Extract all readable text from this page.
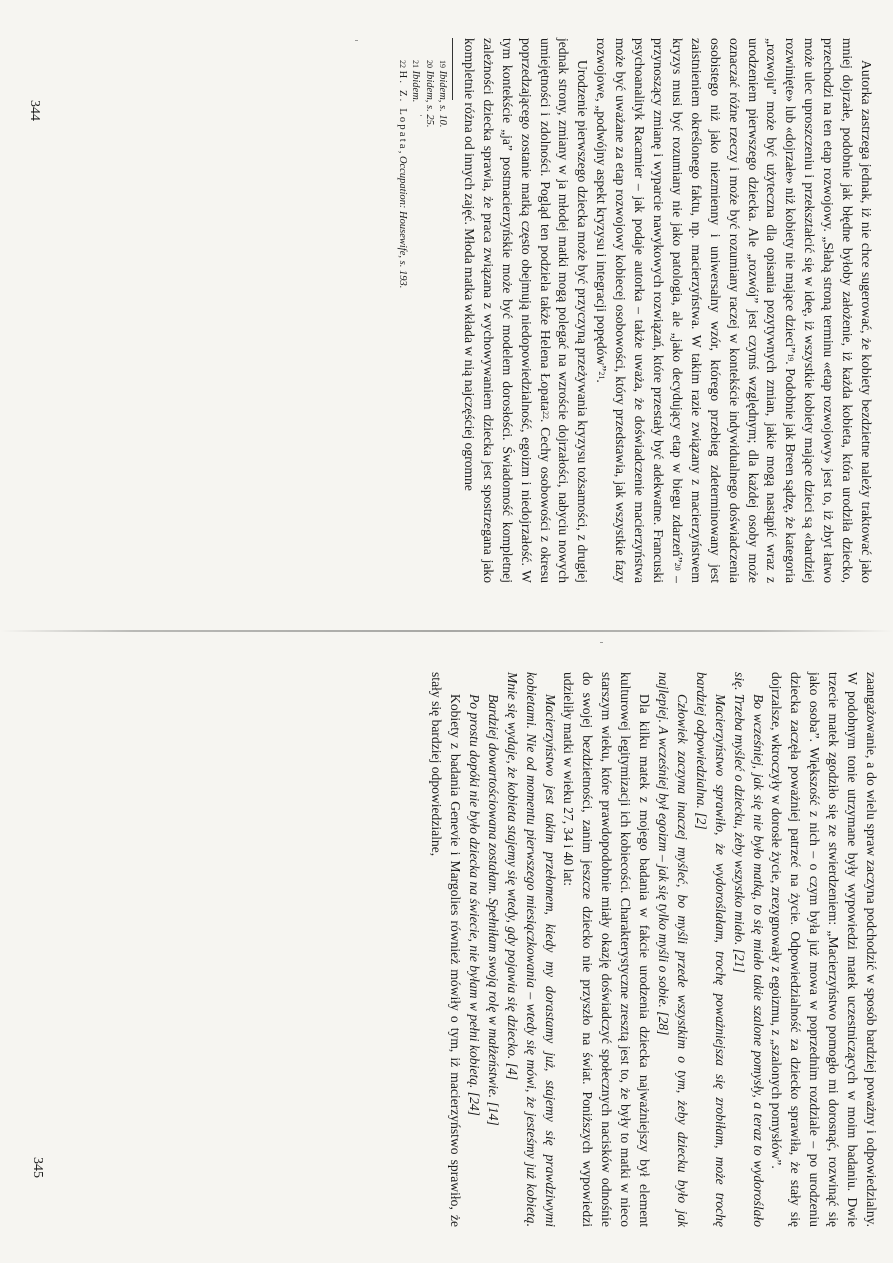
Autorka zastrzega jednak, iż nie chce sugerować, że kobiety bezdzietne należy traktować jako mniej dojrzałe, podobnie jak błędne byłoby założenie, iż każda kobieta, która urodziła dziecko, przechodzi na ten etap rozwojowy. „Słabą stroną terminu «etap rozwojowy» jest to, iż zbyt łatwo może ulec uproszczeniu i przekształcić się w ideę, iż wszystkie kobiety mające dzieci są «bardziej rozwinięte» lub «dojrzałe» niż kobiety nie mające dzieci”$^{19}$. Podobnie jak Breen sądzę, że kategoria „rozwoju” może być użyteczna dla opisania pozytywnych zmian, jakie mogą nastąpić wraz z urodzeniem pierwszego dziecka. Ale „rozwój” jest czymś względnym; dla każdej osoby może oznaczać różne rzeczy i może być rozumiany raczej w kontekście indywidualnego doświadczenia osobistego niż jako niezmienny i uniwersalny wzór, którego przebieg zdeterminowany jest zaistnieniem określonego faktu, np. macierzyństwa. W takim razie związany z macierzyństwem kryzys musi być rozumiany nie jako patologia, ale „jako decydujący etap w biegu zdarzeń”$^{20}$ – przynoszący zmianę i wyparcie nawykowych rozwiązań, które przestały być adekwatne. Francuski psychoanalityk Racamier – jak podaje autorka – także uważa, że doświadczenie macierzyństwa może być uważane za etap rozwojowy kobiecej osobowości, który przedstawia, jak wszystkie fazy rozwojowe, „podwójny aspekt kryzysu i integracji popędów”$^{21}$.

Urodzenie pierwszego dziecka może być przyczyną przeżywania kryzysu tożsamości, z drugiej jednak strony, zmiany w ja młodej matki mogą polegać na wzroście dojrzałości, nabyciu nowych umiejętności i zdolności. Pogląd ten podziela także Helena Łopata$^{22}$. Cechy osobowości z okresu poprzedzającego zostanie matką często obejmują niedopowiedzialność, egoizm i niedojrzałość. W tym kontekście „ja” postmacierzyńskie może być modelem dorosłości. Świadomość kompletnej zależności dziecka sprawia, że praca związana z wychowywaniem dziecka jest spostrzegana jako kompletnie różna od innych zajęć. Młoda matka wkłada w nią najczęściej ogromne

$^{19}$ Ibidem, s. 10.
$^{20}$ Ibidem, s. 25.
$^{21}$ Ibidem.
$^{22}$ H. Z. Lopata, Occupation: Housewife, s. 193.
344

zaangażowanie, a do wielu spraw zaczyna podchodzić w sposób bardziej poważny i odpowiedzialny. W podobnym tonie utrzymane były wypowiedzi matek uczestniczących w moim badaniu. Dwie trzecie matek zgodziło się ze stwierdzeniem: „Macierzyństwo pomogło mi dorosnąć, rozwinąć się jako osoba”. Większość z nich – o czym była już mowa w poprzednim rozdziale – po urodzeniu dziecka zaczęła poważniej patrzeć na życie. Odpowiedzialność za dziecko sprawiła, że stały się dojrzalsze, wkroczyły w dorosłe życie, zrezygnowały z egoizmu, z „szalonych pomysłów”.

Bo wcześniej, jak się nie było matką, to się miało takie szalone pomysły, a teraz to wydoroślało się. Trzeba myśleć o dziecku, żeby wszystko miało. [21]

Macierzyństwo sprawiło, że wydoroślałam, trochę poważniejsza się zrobiłam, może trochę bardziej odpowiedzialna. [2]

Człowiek zaczyna inaczej myśleć, bo myśli przede wszystkim o tym, żeby dziecku było jak najlepiej. A wcześniej był egoizm – jak się tylko myśli o sobie. [28]

Dla kilku matek z mojego badania w fakcie urodzenia dziecka najważniejszy był element kulturowej legitymizacji ich kobiecości. Charakterystyczne zresztą jest to, że były to matki w nieco starszym wieku, które prawdopodobnie miały okazję doświadczyć społecznych nacisków odnośnie do swojej bezdzietności, zanim jeszcze dziecko nie przyszło na świat. Poniższych wypowiedzi udzieliły matki w wieku 27, 34 i 40 lat:

Macierzyństwo jest takim przełomem, kiedy my dorastamy już, stajemy się prawdziwymi kobietami. Nie od momentu pierwszego miesiączkowania – wtedy się mówi, że jesteśmy już kobietą. Mnie się wydaje, że kobieta stajemy się wtedy, gdy pojawia się dziecko. [4]

Bardziej dowartościowana zostałam. Spełniłam swoją rolę w małżeństwie. [14]

Po prostu dopóki nie było dziecka na świecie, nie byłam w pełni kobietą. [24]

Kobiety z badania Genevie i Margolies również mówiły o tym, iż macierzyństwo sprawiło, że stały się bardziej odpowiedzialne,

345
